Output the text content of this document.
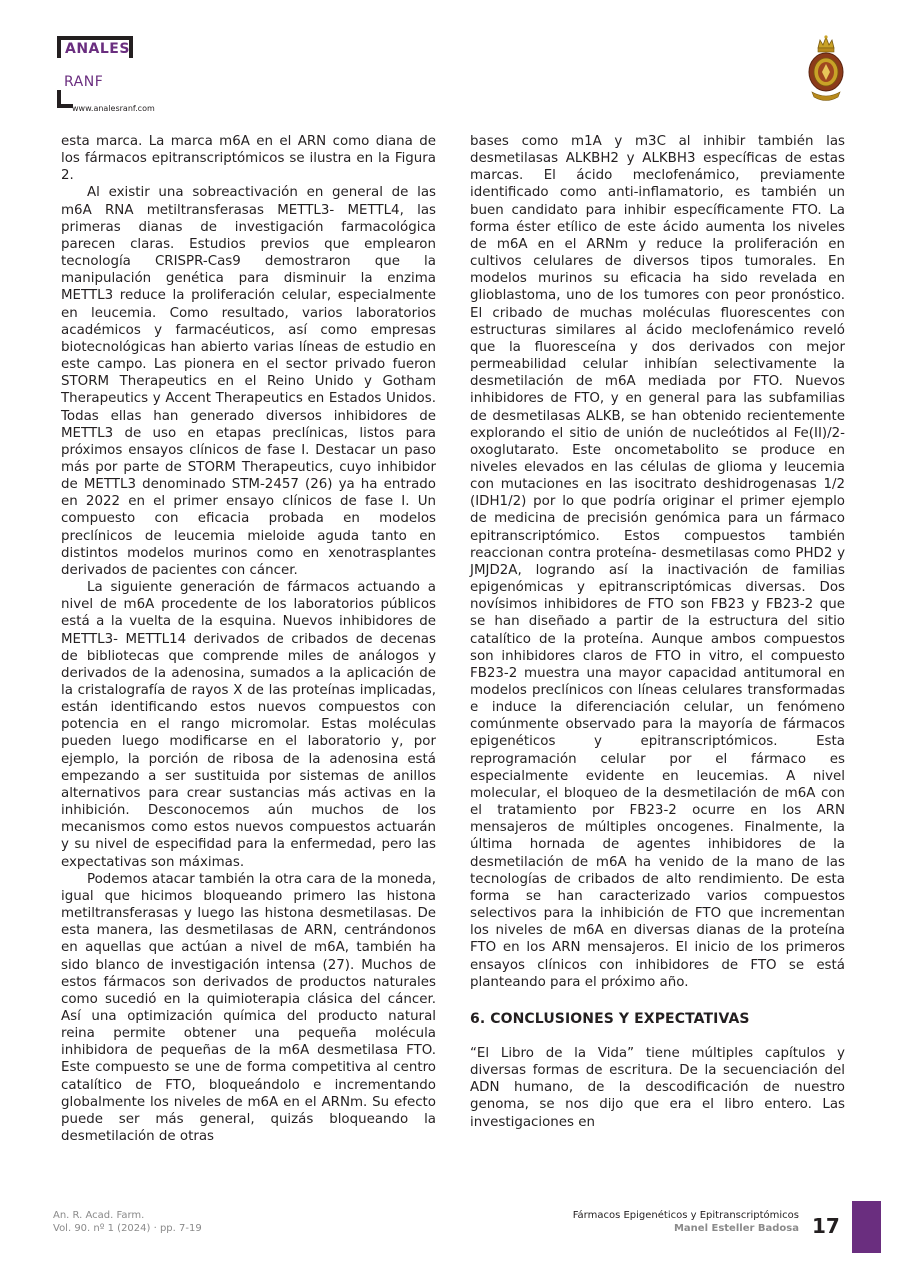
ANALES
RANF
www.analesranf.com

esta marca. La marca m6A en el ARN como diana de los fármacos epitranscriptómicos se ilustra en la Figura 2.

Al existir una sobreactivación en general de las m6A RNA metiltransferasas METTL3- METTL4, las primeras dianas de investigación farmacológica parecen claras. Estudios previos que emplearon tecnología CRISPR-Cas9 demostraron que la manipulación genética para disminuir la enzima METTL3 reduce la proliferación celular, especialmente en leucemia. Como resultado, varios laboratorios académicos y farmacéuticos, así como empresas biotecnológicas han abierto varias líneas de estudio en este campo. Las pionera en el sector privado fueron STORM Therapeutics en el Reino Unido y Gotham Therapeutics y Accent Therapeutics en Estados Unidos. Todas ellas han generado diversos inhibidores de METTL3 de uso en etapas preclínicas, listos para próximos ensayos clínicos de fase I. Destacar un paso más por parte de STORM Therapeutics, cuyo inhibidor de METTL3 denominado STM-2457 (26) ya ha entrado en 2022 en el primer ensayo clínicos de fase I. Un compuesto con eficacia probada en modelos preclínicos de leucemia mieloide aguda tanto en distintos modelos murinos como en xenotrasplantes derivados de pacientes con cáncer.

La siguiente generación de fármacos actuando a nivel de m6A procedente de los laboratorios públicos está a la vuelta de la esquina. Nuevos inhibidores de METTL3- METTL14 derivados de cribados de decenas de bibliotecas que comprende miles de análogos y derivados de la adenosina, sumados a la aplicación de la cristalografía de rayos X de las proteínas implicadas, están identificando estos nuevos compuestos con potencia en el rango micromolar. Estas moléculas pueden luego modificarse en el laboratorio y, por ejemplo, la porción de ribosa de la adenosina está empezando a ser sustituida por sistemas de anillos alternativos para crear sustancias más activas en la inhibición. Desconocemos aún muchos de los mecanismos como estos nuevos compuestos actuarán y su nivel de especifidad para la enfermedad, pero las expectativas son máximas.

Podemos atacar también la otra cara de la moneda, igual que hicimos bloqueando primero las histona metiltransferasas y luego las histona desmetilasas. De esta manera, las desmetilasas de ARN, centrándonos en aquellas que actúan a nivel de m6A, también ha sido blanco de investigación intensa (27). Muchos de estos fármacos son derivados de productos naturales como sucedió en la quimioterapia clásica del cáncer. Así una optimización química del producto natural reina permite obtener una pequeña molécula inhibidora de pequeñas de la m6A desmetilasa FTO. Este compuesto se une de forma competitiva al centro catalítico de FTO, bloqueándolo e incrementando globalmente los niveles de m6A en el ARNm. Su efecto puede ser más general, quizás bloqueando la desmetilación de otras

bases como m1A y m3C al inhibir también las desmetilasas ALKBH2 y ALKBH3 específicas de estas marcas. El ácido meclofenámico, previamente identificado como anti-inflamatorio, es también un buen candidato para inhibir específicamente FTO. La forma éster etílico de este ácido aumenta los niveles de m6A en el ARNm y reduce la proliferación en cultivos celulares de diversos tipos tumorales. En modelos murinos su eficacia ha sido revelada en glioblastoma, uno de los tumores con peor pronóstico. El cribado de muchas moléculas fluorescentes con estructuras similares al ácido meclofenámico reveló que la fluoresceína y dos derivados con mejor permeabilidad celular inhibían selectivamente la desmetilación de m6A mediada por FTO. Nuevos inhibidores de FTO, y en general para las subfamilias de desmetilasas ALKB, se han obtenido recientemente explorando el sitio de unión de nucleótidos al Fe(II)/2-oxoglutarato. Este oncometabolito se produce en niveles elevados en las células de glioma y leucemia con mutaciones en las isocitrato deshidrogenasas 1/2 (IDH1/2) por lo que podría originar el primer ejemplo de medicina de precisión genómica para un fármaco epitranscriptómico. Estos compuestos también reaccionan contra proteína- desmetilasas como PHD2 y JMJD2A, logrando así la inactivación de familias epigenómicas y epitranscriptómicas diversas. Dos novísimos inhibidores de FTO son FB23 y FB23-2 que se han diseñado a partir de la estructura del sitio catalítico de la proteína. Aunque ambos compuestos son inhibidores claros de FTO in vitro, el compuesto FB23-2 muestra una mayor capacidad antitumoral en modelos preclínicos con líneas celulares transformadas e induce la diferenciación celular, un fenómeno comúnmente observado para la mayoría de fármacos epigenéticos y epitranscriptómicos. Esta reprogramación celular por el fármaco es especialmente evidente en leucemias. A nivel molecular, el bloqueo de la desmetilación de m6A con el tratamiento por FB23-2 ocurre en los ARN mensajeros de múltiples oncogenes. Finalmente, la última hornada de agentes inhibidores de la desmetilación de m6A ha venido de la mano de las tecnologías de cribados de alto rendimiento. De esta forma se han caracterizado varios compuestos selectivos para la inhibición de FTO que incrementan los niveles de m6A en diversas dianas de la proteína FTO en los ARN mensajeros. El inicio de los primeros ensayos clínicos con inhibidores de FTO se está planteando para el próximo año.

6. CONCLUSIONES Y EXPECTATIVAS

“El Libro de la Vida” tiene múltiples capítulos y diversas formas de escritura. De la secuenciación del ADN humano, de la descodificación de nuestro genoma, se nos dijo que era el libro entero. Las investigaciones en

An. R. Acad. Farm.
Vol. 90. nº 1 (2024) · pp. 7-19
Fármacos Epigenéticos y Epitranscriptómicos
Manel Esteller Badosa 17
